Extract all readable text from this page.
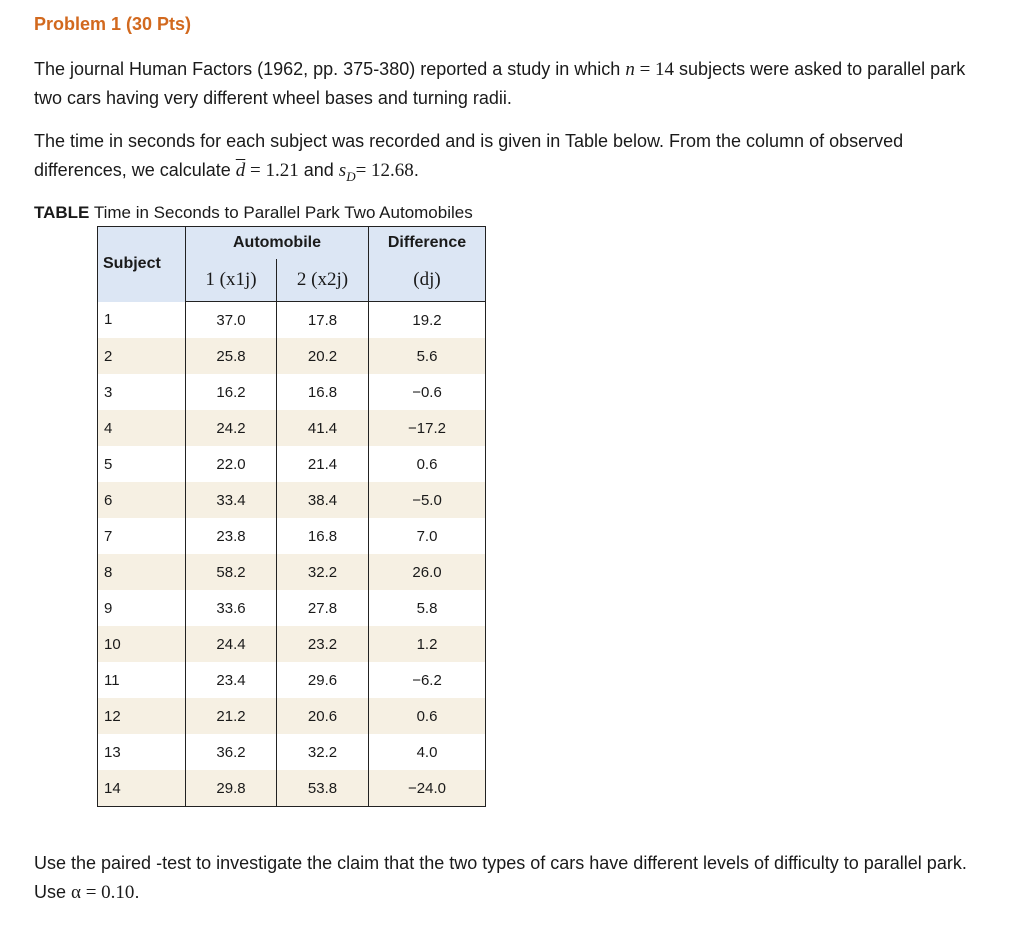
Problem 1 (30 Pts)
The journal Human Factors (1962, pp. 375-380) reported a study in which n = 14 subjects were asked to parallel park two cars having very different wheel bases and turning radii.
The time in seconds for each subject was recorded and is given in Table below. From the column of observed differences, we calculate $\overline{d} = 1.21$ and $s_D= 12.68$.
TABLE Time in Seconds to Parallel Park Two Automobiles
Subject	Automobile		Difference
	1 (x1j)	2 (x2j)	(dj)
1	37.0	17.8	19.2
2	25.8	20.2	5.6
3	16.2	16.8	−0.6
4	24.2	41.4	−17.2
5	22.0	21.4	0.6
6	33.4	38.4	−5.0
7	23.8	16.8	7.0
8	58.2	32.2	26.0
9	33.6	27.8	5.8
10	24.4	23.2	1.2
11	23.4	29.6	−6.2
12	21.2	20.6	0.6
13	36.2	32.2	4.0
14	29.8	53.8	−24.0
Use the paired -test to investigate the claim that the two types of cars have different levels of difficulty to parallel park. Use α = 0.10.
